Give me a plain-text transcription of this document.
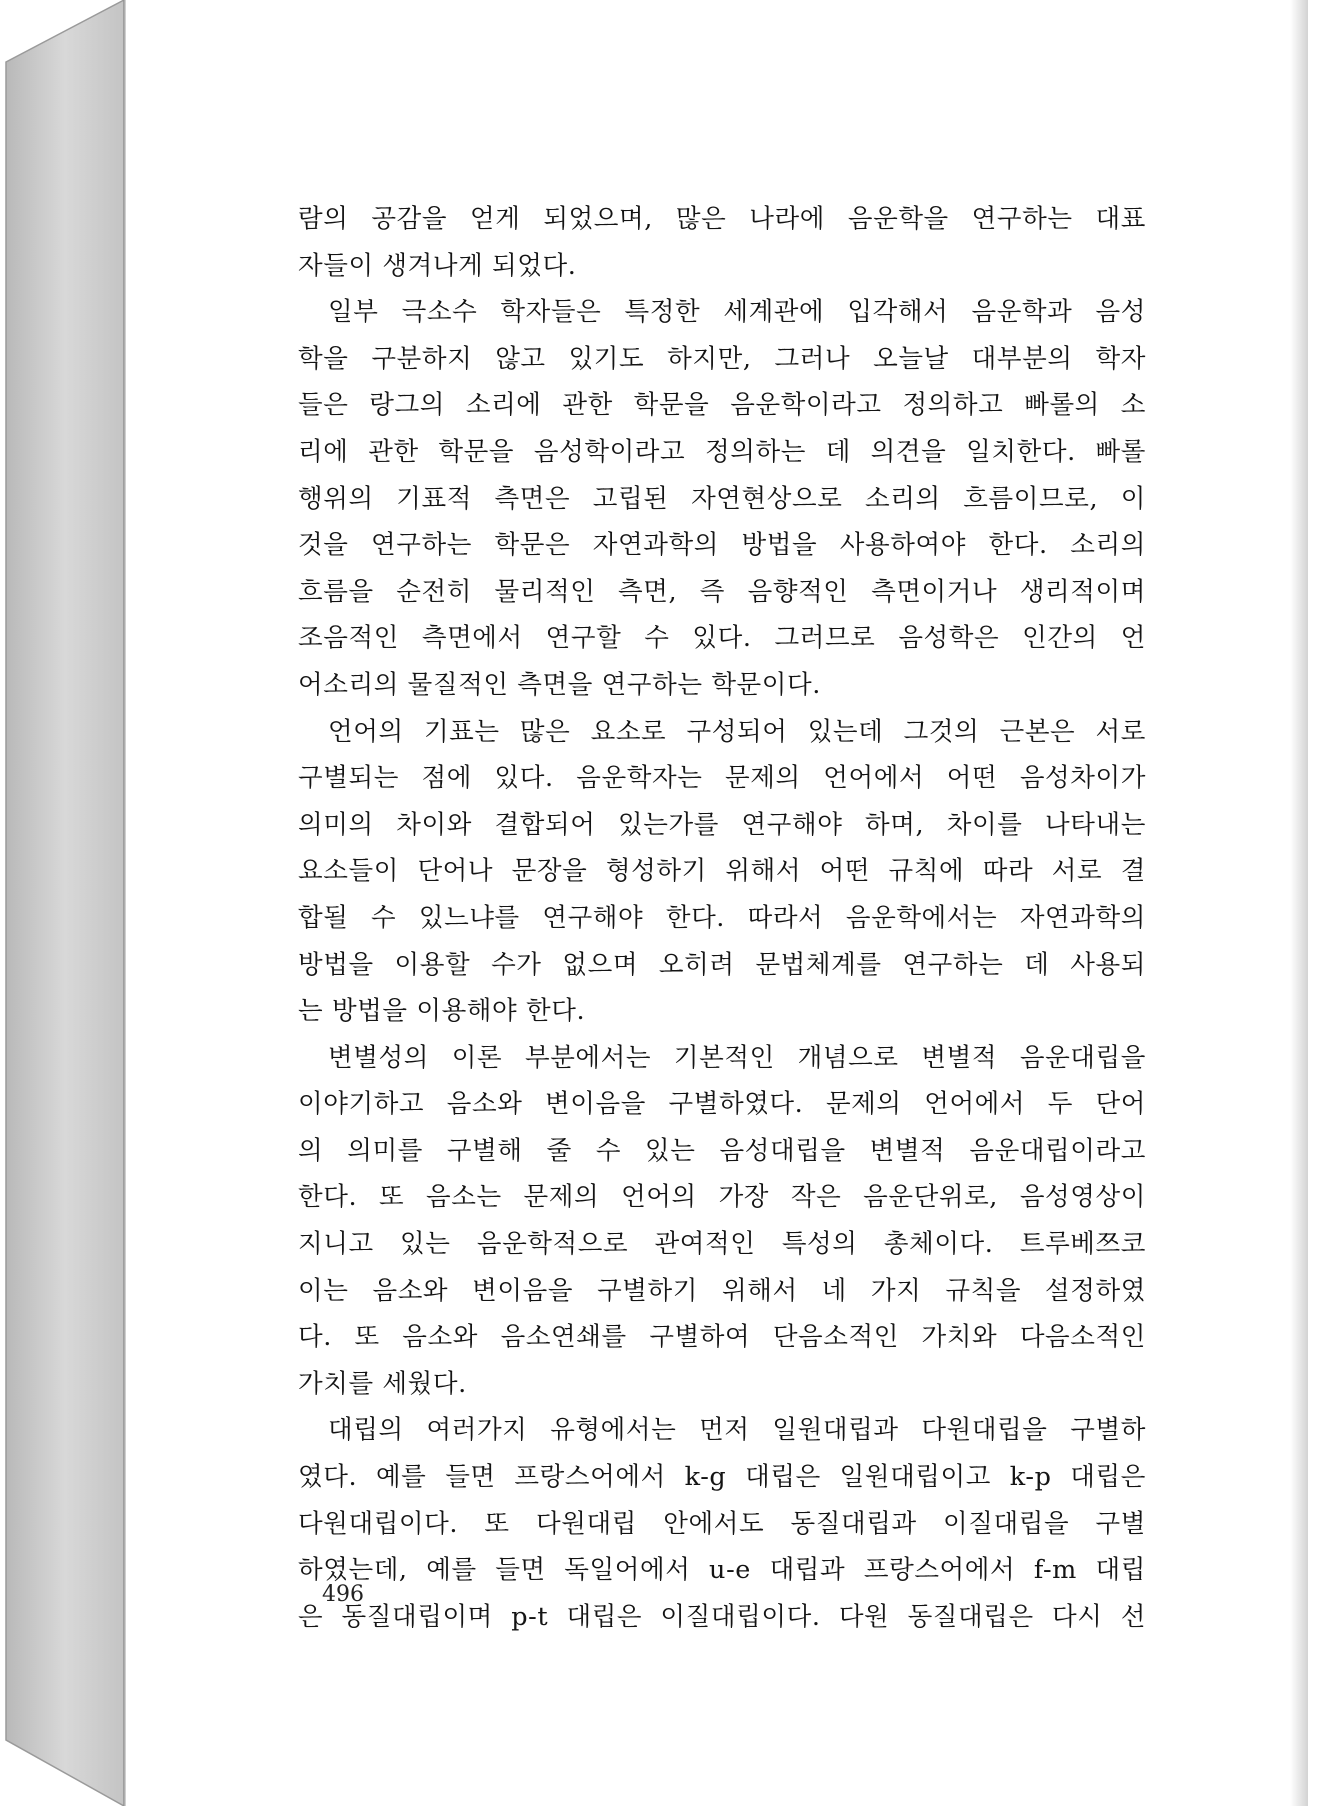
람의 공감을 얻게 되었으며, 많은 나라에 음운학을 연구하는 대표
자들이 생겨나게 되었다.

일부 극소수 학자들은 특정한 세계관에 입각해서 음운학과 음성
학을 구분하지 않고 있기도 하지만, 그러나 오늘날 대부분의 학자
들은 랑그의 소리에 관한 학문을 음운학이라고 정의하고 빠롤의 소
리에 관한 학문을 음성학이라고 정의하는 데 의견을 일치한다. 빠롤
행위의 기표적 측면은 고립된 자연현상으로 소리의 흐름이므로, 이
것을 연구하는 학문은 자연과학의 방법을 사용하여야 한다. 소리의
흐름을 순전히 물리적인 측면, 즉 음향적인 측면이거나 생리적이며
조음적인 측면에서 연구할 수 있다. 그러므로 음성학은 인간의 언
어소리의 물질적인 측면을 연구하는 학문이다.

언어의 기표는 많은 요소로 구성되어 있는데 그것의 근본은 서로
구별되는 점에 있다. 음운학자는 문제의 언어에서 어떤 음성차이가
의미의 차이와 결합되어 있는가를 연구해야 하며, 차이를 나타내는
요소들이 단어나 문장을 형성하기 위해서 어떤 규칙에 따라 서로 결
합될 수 있느냐를 연구해야 한다. 따라서 음운학에서는 자연과학의
방법을 이용할 수가 없으며 오히려 문법체계를 연구하는 데 사용되
는 방법을 이용해야 한다.

변별성의 이론 부분에서는 기본적인 개념으로 변별적 음운대립을
이야기하고 음소와 변이음을 구별하였다. 문제의 언어에서 두 단어
의 의미를 구별해 줄 수 있는 음성대립을 변별적 음운대립이라고
한다. 또 음소는 문제의 언어의 가장 작은 음운단위로, 음성영상이
지니고 있는 음운학적으로 관여적인 특성의 총체이다. 트루베쯔코
이는 음소와 변이음을 구별하기 위해서 네 가지 규칙을 설정하였
다. 또 음소와 음소연쇄를 구별하여 단음소적인 가치와 다음소적인
가치를 세웠다.

대립의 여러가지 유형에서는 먼저 일원대립과 다원대립을 구별하
였다. 예를 들면 프랑스어에서 k-g 대립은 일원대립이고 k-p 대립은
다원대립이다. 또 다원대립 안에서도 동질대립과 이질대립을 구별
하였는데, 예를 들면 독일어에서 u-e 대립과 프랑스어에서 f-m 대립
은 동질대립이며 p-t 대립은 이질대립이다. 다원 동질대립은 다시 선

496
